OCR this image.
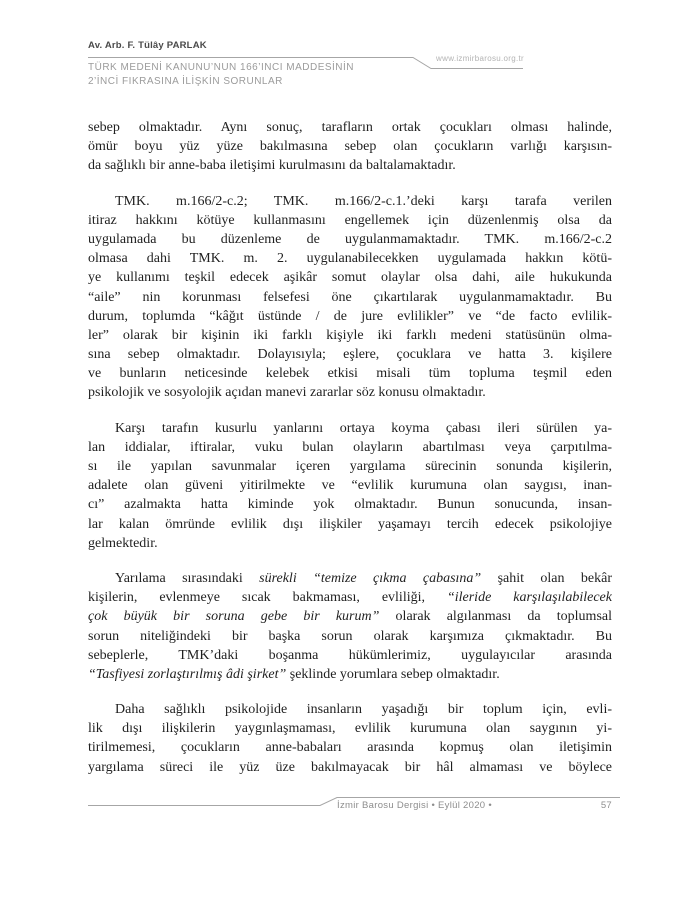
Av. Arb. F. Tülây PARLAK
www.izmirbarosu.org.tr
TÜRK MEDENİ KANUNU’NUN 166’INCI MADDESİNİN
2’İNCİ FIKRASINA İLİŞKİN SORUNLAR
sebep olmaktadır. Aynı sonuç, tarafların ortak çocukları olması halinde,
ömür boyu yüz yüze bakılmasına sebep olan çocukların varlığı karşısın-
da sağlıklı bir anne-baba iletişimi kurulmasını da baltalamaktadır.
TMK. m.166/2-c.2; TMK. m.166/2-c.1.’deki karşı tarafa verilen
itiraz hakkını kötüye kullanmasını engellemek için düzenlenmiş olsa da
uygulamada bu düzenleme de uygulanmamaktadır. TMK. m.166/2-c.2
olmasa dahi TMK. m. 2. uygulanabilecekken uygulamada hakkın kötü-
ye kullanımı teşkil edecek aşikâr somut olaylar olsa dahi, aile hukukunda
“aile” nin korunması felsefesi öne çıkartılarak uygulanmamaktadır. Bu
durum, toplumda “kâğıt üstünde / de jure evlilikler” ve “de facto evlilik-
ler” olarak bir kişinin iki farklı kişiyle iki farklı medeni statüsünün olma-
sına sebep olmaktadır. Dolayısıyla; eşlere, çocuklara ve hatta 3. kişilere
ve bunların neticesinde kelebek etkisi misali tüm topluma teşmil eden
psikolojik ve sosyolojik açıdan manevi zararlar söz konusu olmaktadır.
Karşı tarafın kusurlu yanlarını ortaya koyma çabası ileri sürülen ya-
lan iddialar, iftiralar, vuku bulan olayların abartılması veya çarpıtılma-
sı ile yapılan savunmalar içeren yargılama sürecinin sonunda kişilerin,
adalete olan güveni yitirilmekte ve “evlilik kurumuna olan saygısı, inan-
cı” azalmakta hatta kiminde yok olmaktadır. Bunun sonucunda, insan-
lar kalan ömründe evlilik dışı ilişkiler yaşamayı tercih edecek psikolojiye
gelmektedir.
Yarılama sırasındaki sürekli “temize çıkma çabasına” şahit olan bekâr
kişilerin, evlenmeye sıcak bakmaması, evliliği, “ileride karşılaşılabilecek
çok büyük bir soruna gebe bir kurum” olarak algılanması da toplumsal
sorun niteliğindeki bir başka sorun olarak karşımıza çıkmaktadır. Bu
sebeplerle, TMK’daki boşanma hükümlerimiz, uygulayıcılar arasında
“Tasfiyesi zorlaştırılmış âdi şirket” şeklinde yorumlara sebep olmaktadır.
Daha sağlıklı psikolojide insanların yaşadığı bir toplum için, evli-
lik dışı ilişkilerin yaygınlaşmaması, evlilik kurumuna olan saygının yi-
tirilmemesi, çocukların anne-babaları arasında kopmuş olan iletişimin
yargılama süreci ile yüz üze bakılmayacak bir hâl almaması ve böylece
İzmir Barosu Dergisi • Eylül 2020 •	57
